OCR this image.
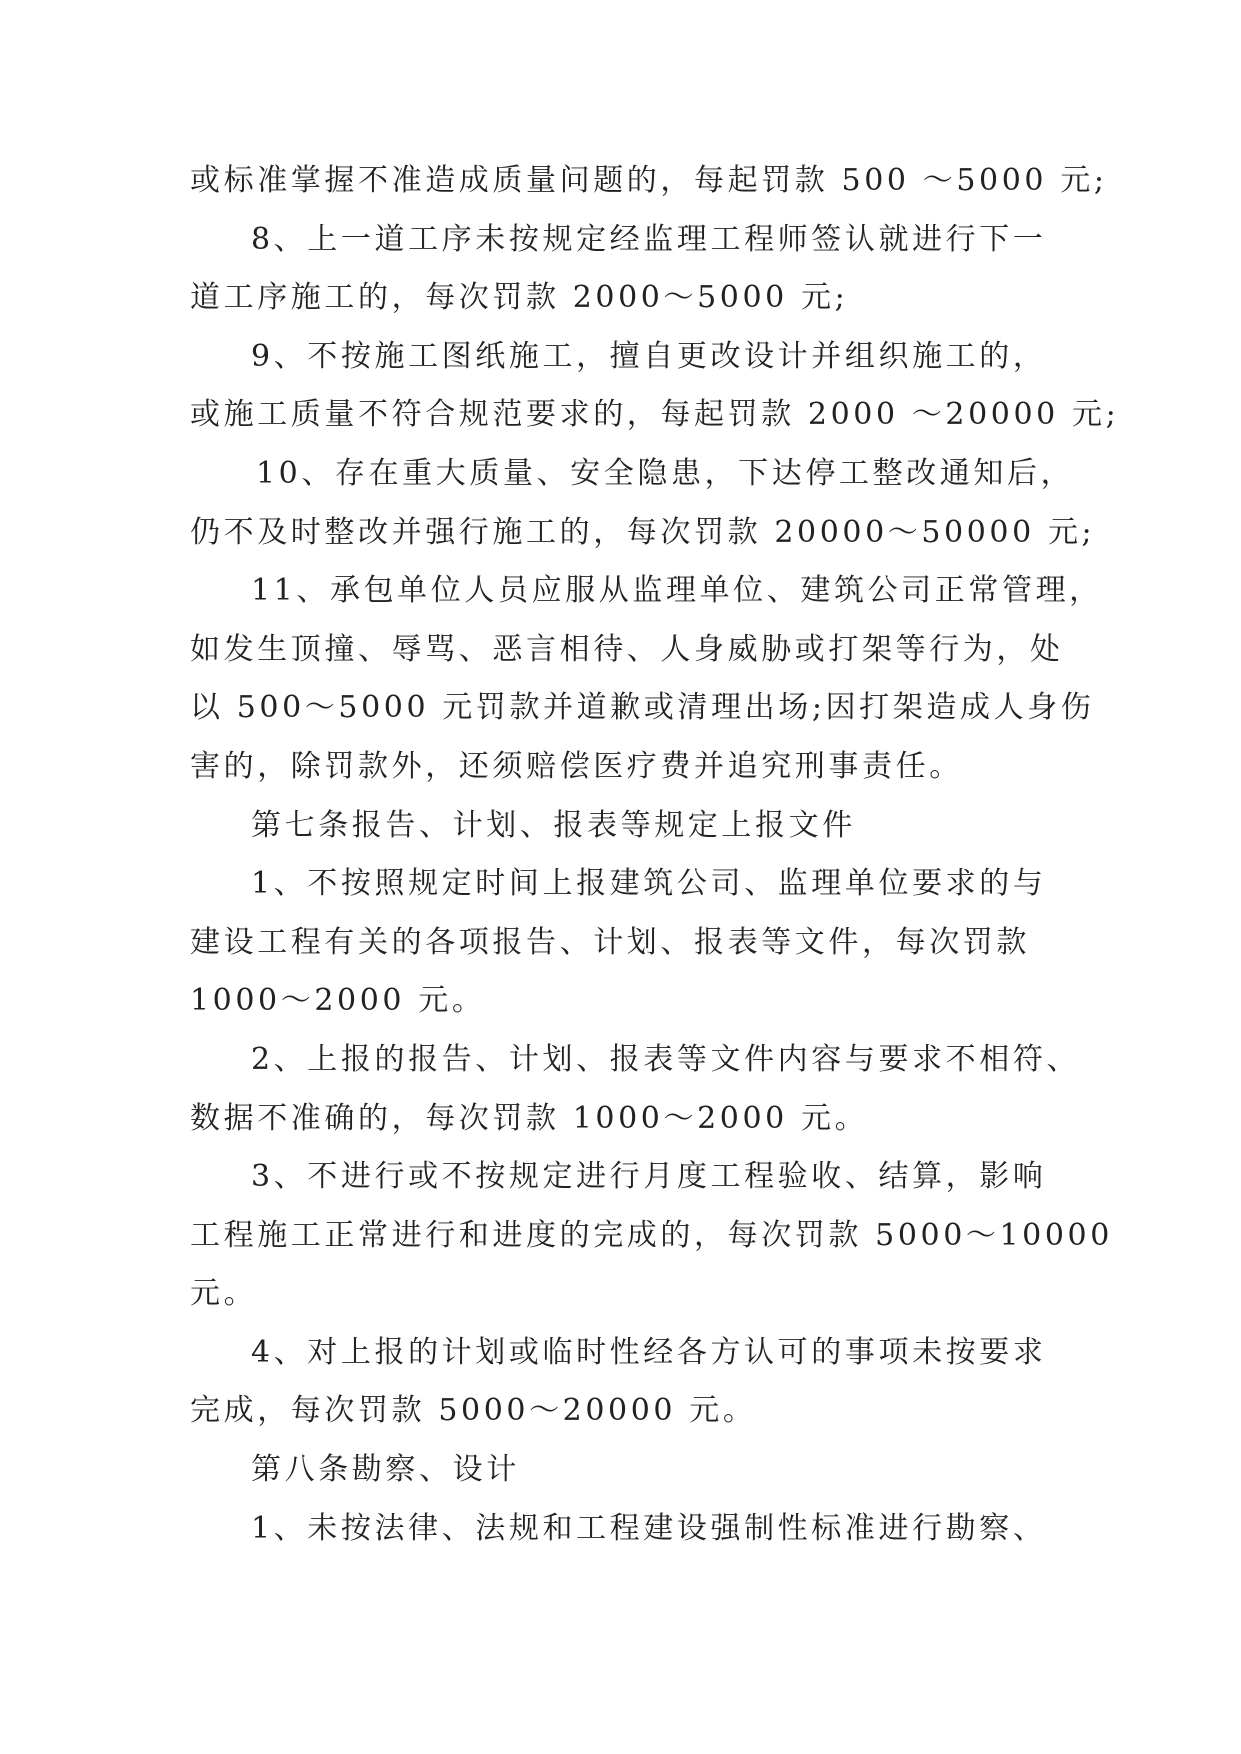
或标准掌握不准造成质量问题的，每起罚款 500 ～5000 元;
8、上一道工序未按规定经监理工程师签认就进行下一
道工序施工的，每次罚款 2000～5000 元;
9、不按施工图纸施工，擅自更改设计并组织施工的，
或施工质量不符合规范要求的，每起罚款 2000 ～20000 元;
10、存在重大质量、安全隐患，下达停工整改通知后，
仍不及时整改并强行施工的，每次罚款 20000～50000 元;
11、承包单位人员应服从监理单位、建筑公司正常管理，
如发生顶撞、辱骂、恶言相待、人身威胁或打架等行为，处
以 500～5000 元罚款并道歉或清理出场;因打架造成人身伤
害的，除罚款外，还须赔偿医疗费并追究刑事责任。
第七条报告、计划、报表等规定上报文件
1、不按照规定时间上报建筑公司、监理单位要求的与
建设工程有关的各项报告、计划、报表等文件，每次罚款
1000～2000 元。
2、上报的报告、计划、报表等文件内容与要求不相符、
数据不准确的，每次罚款 1000～2000 元。
3、不进行或不按规定进行月度工程验收、结算，影响
工程施工正常进行和进度的完成的，每次罚款 5000～10000
元。
4、对上报的计划或临时性经各方认可的事项未按要求
完成，每次罚款 5000～20000 元。
第八条勘察、设计
1、未按法律、法规和工程建设强制性标准进行勘察、
